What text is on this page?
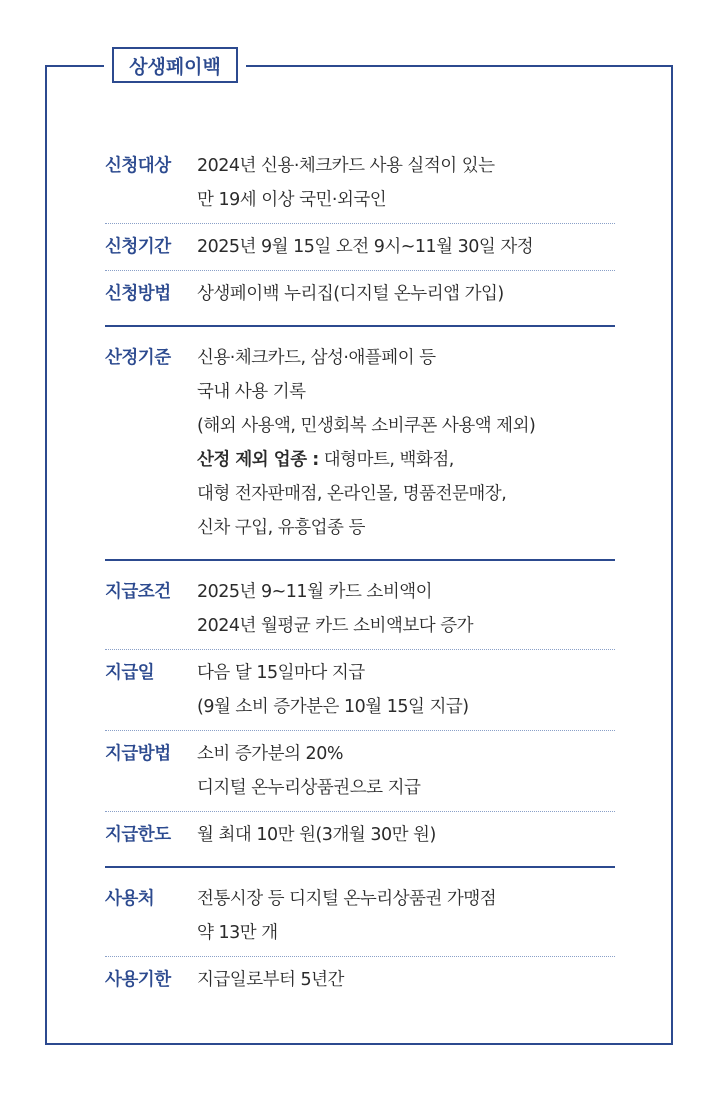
상생페이백
신청대상	2024년 신용·체크카드 사용 실적이 있는
만 19세 이상 국민·외국인
신청기간	2025년 9월 15일 오전 9시~11월 30일 자정
신청방법	상생페이백 누리집(디지털 온누리앱 가입)
산정기준	신용·체크카드, 삼성·애플페이 등
국내 사용 기록
(해외 사용액, 민생회복 소비쿠폰 사용액 제외)
산정 제외 업종 : 대형마트, 백화점,
대형 전자판매점, 온라인몰, 명품전문매장,
신차 구입, 유흥업종 등
지급조건	2025년 9~11월 카드 소비액이
2024년 월평균 카드 소비액보다 증가
지급일	다음 달 15일마다 지급
(9월 소비 증가분은 10월 15일 지급)
지급방법	소비 증가분의 20%
디지털 온누리상품권으로 지급
지급한도	월 최대 10만 원(3개월 30만 원)
사용처	전통시장 등 디지털 온누리상품권 가맹점
약 13만 개
사용기한	지급일로부터 5년간
